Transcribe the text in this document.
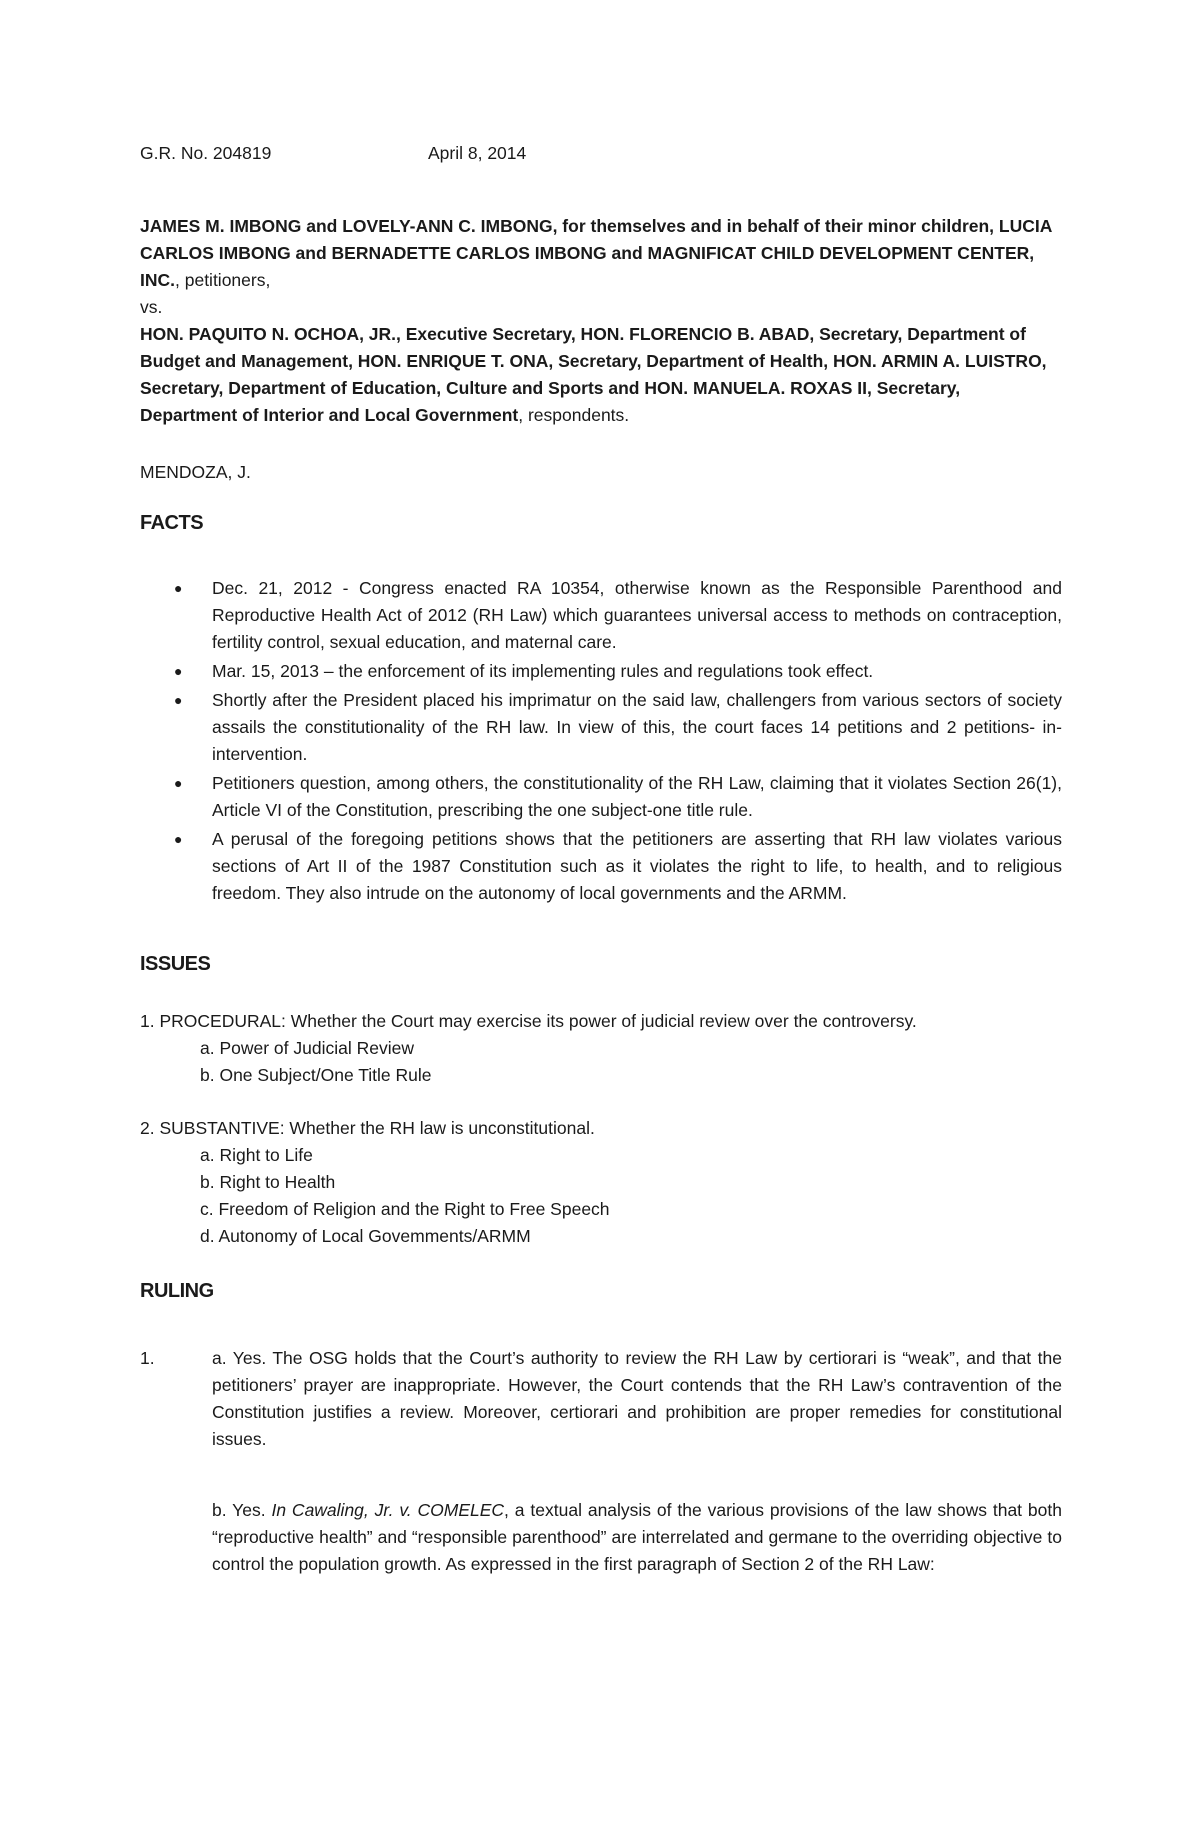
G.R. No. 204819	April 8, 2014
JAMES M. IMBONG and LOVELY-ANN C. IMBONG, for themselves and in behalf of their minor children, LUCIA CARLOS IMBONG and BERNADETTE CARLOS IMBONG and MAGNIFICAT CHILD DEVELOPMENT CENTER, INC., petitioners,
vs.
HON. PAQUITO N. OCHOA, JR., Executive Secretary, HON. FLORENCIO B. ABAD, Secretary, Department of Budget and Management, HON. ENRIQUE T. ONA, Secretary, Department of Health, HON. ARMIN A. LUISTRO, Secretary, Department of Education, Culture and Sports and HON. MANUELA. ROXAS II, Secretary, Department of Interior and Local Government, respondents.
MENDOZA, J.
FACTS
● Dec. 21, 2012 - Congress enacted RA 10354, otherwise known as the Responsible Parenthood and Reproductive Health Act of 2012 (RH Law) which guarantees universal access to methods on contraception, fertility control, sexual education, and maternal care.
● Mar. 15, 2013 – the enforcement of its implementing rules and regulations took effect.
● Shortly after the President placed his imprimatur on the said law, challengers from various sectors of society assails the constitutionality of the RH law. In view of this, the court faces 14 petitions and 2 petitions- in-intervention.
● Petitioners question, among others, the constitutionality of the RH Law, claiming that it violates Section 26(1), Article VI of the Constitution, prescribing the one subject-one title rule.
● A perusal of the foregoing petitions shows that the petitioners are asserting that RH law violates various sections of Art II of the 1987 Constitution such as it violates the right to life, to health, and to religious freedom. They also intrude on the autonomy of local governments and the ARMM.
ISSUES
1. PROCEDURAL: Whether the Court may exercise its power of judicial review over the controversy.
a. Power of Judicial Review
b. One Subject/One Title Rule
2. SUBSTANTIVE: Whether the RH law is unconstitutional.
a. Right to Life
b. Right to Health
c. Freedom of Religion and the Right to Free Speech
d. Autonomy of Local Govemments/ARMM
RULING
1.	a. Yes. The OSG holds that the Court’s authority to review the RH Law by certiorari is “weak”, and that the petitioners’ prayer are inappropriate. However, the Court contends that the RH Law’s contravention of the Constitution justifies a review. Moreover, certiorari and prohibition are proper remedies for constitutional issues.
b. Yes. In Cawaling, Jr. v. COMELEC, a textual analysis of the various provisions of the law shows that both “reproductive health” and “responsible parenthood” are interrelated and germane to the overriding objective to control the population growth. As expressed in the first paragraph of Section 2 of the RH Law:
